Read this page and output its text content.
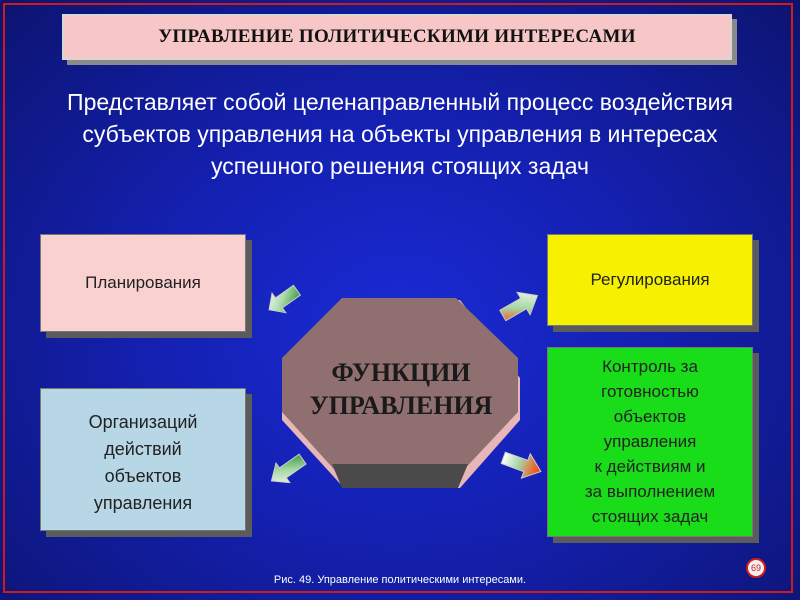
УПРАВЛЕНИЕ ПОЛИТИЧЕСКИМИ ИНТЕРЕСАМИ
Представляет собой целенаправленный процесс воздействия субъектов управления на объекты управления в интересах успешного решения стоящих задач
Планирования
Организаций
действий
объектов
управления
Регулирования
Контроль за
готовностью
объектов
управления
к действиям и
за выполнением
стоящих задач
ФУНКЦИИ
УПРАВЛЕНИЯ
Рис. 49. Управление политическими интересами.
69
